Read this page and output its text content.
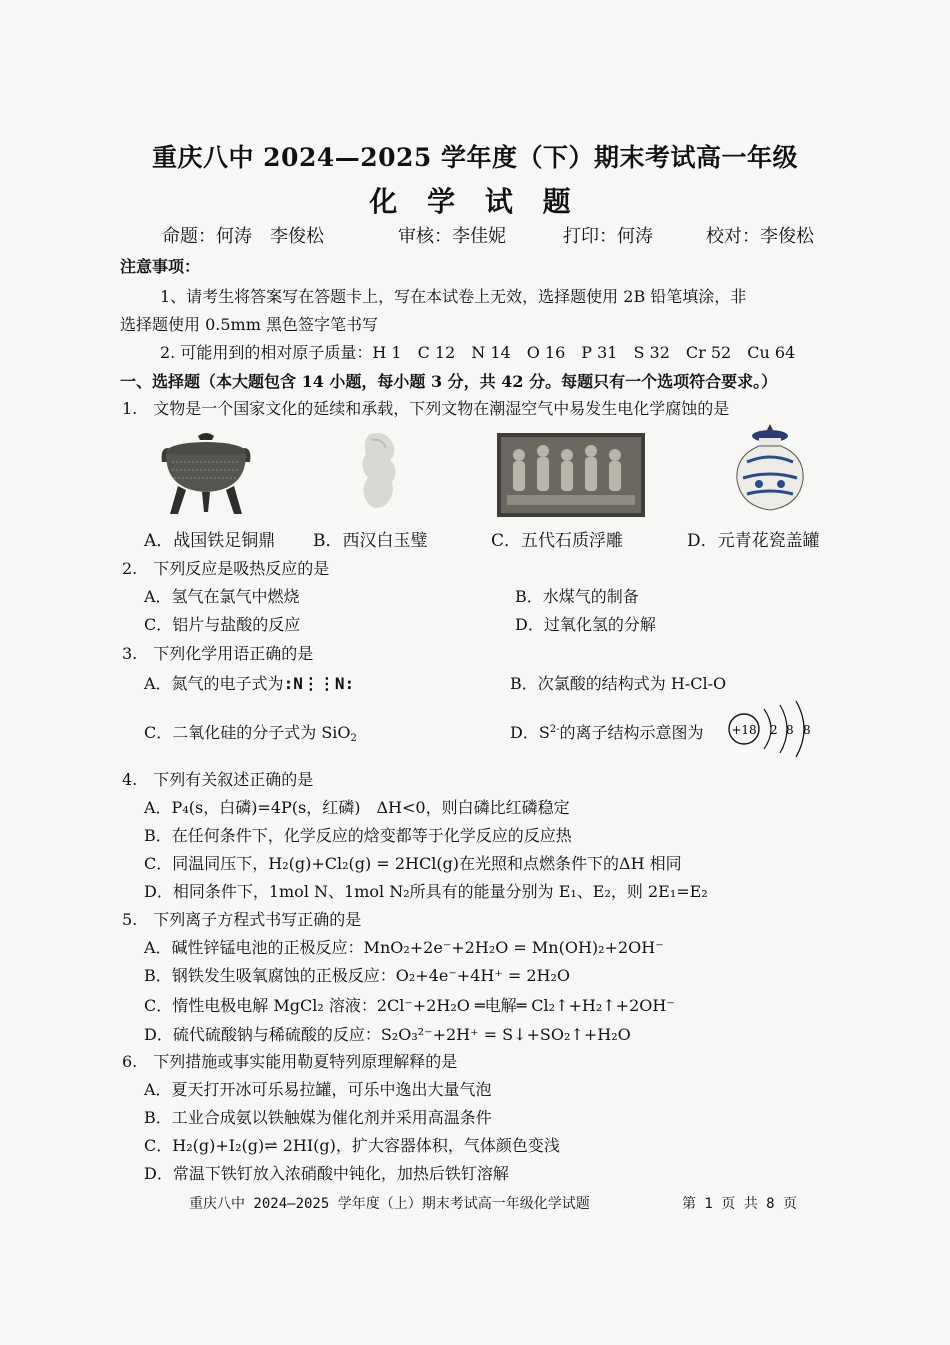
重庆八中 2024—2025 学年度（下）期末考试高一年级
化 学 试 题
命题：何涛　李俊松	审核：李佳妮	打印：何涛	校对：李俊松
注意事项：
1、请考生将答案写在答题卡上，写在本试卷上无效，选择题使用 2B 铅笔填涂，非
选择题使用 0.5mm 黑色签字笔书写
2. 可能用到的相对原子质量：H 1　C 12　N 14　O 16　P 31　S 32　Cr 52　Cu 64
一、选择题（本大题包含 14 小题，每小题 3 分，共 42 分。每题只有一个选项符合要求。）
1.　文物是一个国家文化的延续和承载，下列文物在潮湿空气中易发生电化学腐蚀的是
A．战国铁足铜鼎 B．西汉白玉璧	C．五代石质浮雕	D．元青花瓷盖罐
2.　下列反应是吸热反应的是
A．氢气在氯气中燃烧	B．水煤气的制备
C．铝片与盐酸的反应	D．过氧化氢的分解
3.　下列化学用语正确的是
A．氮气的电子式为:N⋮⋮N:	B．次氯酸的结构式为 H-Cl-O
C．二氧化硅的分子式为 SiO$_2$	D．$S^{2-}$的离子结构示意图为 +18 2 8 8
4.　下列有关叙述正确的是
A．P₄(s，白磷)=4P(s，红磷)　ΔH<0，则白磷比红磷稳定
B．在任何条件下，化学反应的焓变都等于化学反应的反应热
C．同温同压下，H₂(g)+Cl₂(g) = 2HCl(g)在光照和点燃条件下的ΔH 相同
D．相同条件下，1mol N、1mol N₂所具有的能量分别为 E₁、E₂，则 2E₁=E₂
5.　下列离子方程式书写正确的是
A．碱性锌锰电池的正极反应：MnO₂+2e⁻+2H₂O = Mn(OH)₂+2OH⁻
B．钢铁发生吸氧腐蚀的正极反应：O₂+4e⁻+4H⁺ = 2H₂O
C．惰性电极电解 MgCl₂ 溶液：2Cl⁻+2H₂O ═电解═ Cl₂↑+H₂↑+2OH⁻
D．硫代硫酸钠与稀硫酸的反应：S₂O₃²⁻+2H⁺ = S↓+SO₂↑+H₂O
6.　下列措施或事实能用勒夏特列原理解释的是
A．夏天打开冰可乐易拉罐，可乐中逸出大量气泡
B．工业合成氨以铁触媒为催化剂并采用高温条件
C．H₂(g)+I₂(g)⇌ 2HI(g)，扩大容器体积，气体颜色变浅
D．常温下铁钉放入浓硝酸中钝化，加热后铁钉溶解
重庆八中 2024—2025 学年度（上）期末考试高一年级化学试题	第 1 页 共 8 页
